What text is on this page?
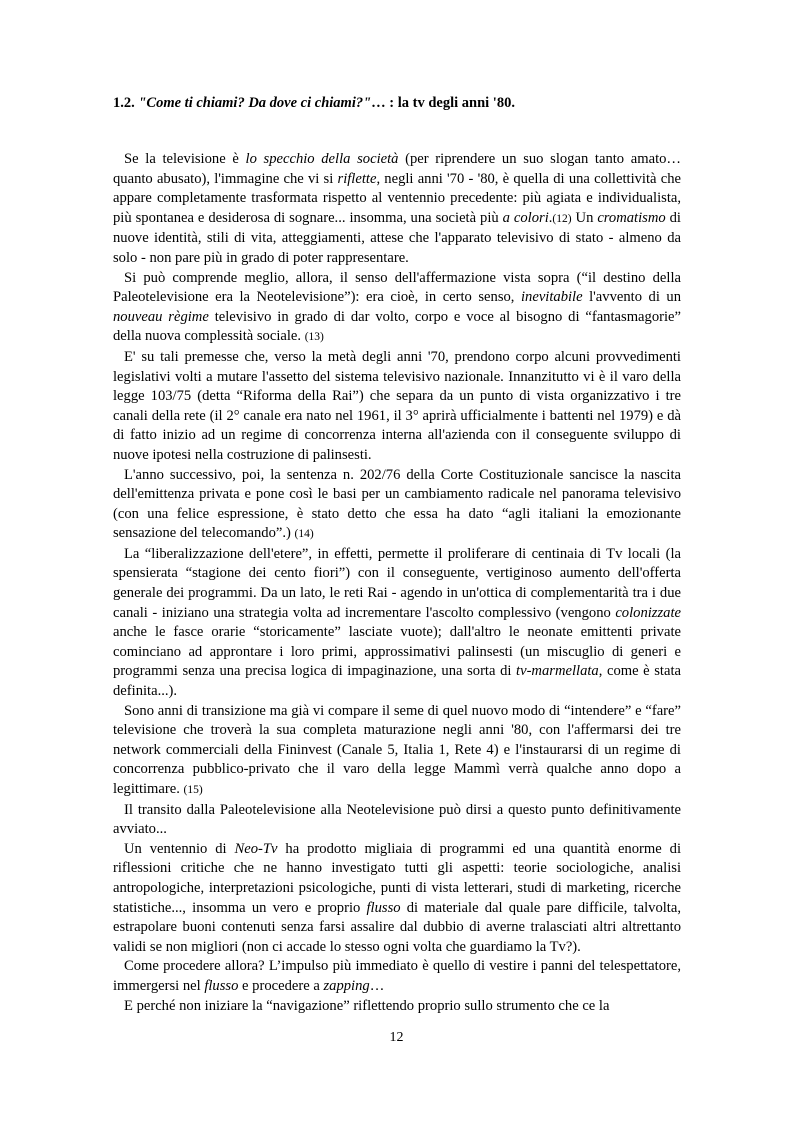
1.2. "Come ti chiami? Da dove ci chiami?"… : la tv degli anni '80.

Se la televisione è lo specchio della società (per riprendere un suo slogan tanto amato… quanto abusato), l'immagine che vi si riflette, negli anni '70 - '80, è quella di una collettività che appare completamente trasformata rispetto al ventennio precedente: più agiata e individualista, più spontanea e desiderosa di sognare... insomma, una società più a colori.(12) Un cromatismo di nuove identità, stili di vita, atteggiamenti, attese che l'apparato televisivo di stato - almeno da solo - non pare più in grado di poter rappresentare.

Si può comprende meglio, allora, il senso dell'affermazione vista sopra (“il destino della Paleotelevisione era la Neotelevisione”): era cioè, in certo senso, inevitabile l'avvento di un nouveau règime televisivo in grado di dar volto, corpo e voce al bisogno di “fantasmagorie” della nuova complessità sociale. (13)

E' su tali premesse che, verso la metà degli anni '70, prendono corpo alcuni provvedimenti legislativi volti a mutare l'assetto del sistema televisivo nazionale. Innanzitutto vi è il varo della legge 103/75 (detta “Riforma della Rai”) che separa da un punto di vista organizzativo i tre canali della rete (il 2° canale era nato nel 1961, il 3° aprirà ufficialmente i battenti nel 1979) e dà di fatto inizio ad un regime di concorrenza interna all'azienda con il conseguente sviluppo di nuove ipotesi nella costruzione di palinsesti.

L'anno successivo, poi, la sentenza n. 202/76 della Corte Costituzionale sancisce la nascita dell'emittenza privata e pone così le basi per un cambiamento radicale nel panorama televisivo (con una felice espressione, è stato detto che essa ha dato “agli italiani la emozionante sensazione del telecomando”.) (14)

La “liberalizzazione dell'etere”, in effetti, permette il proliferare di centinaia di Tv locali (la spensierata “stagione dei cento fiori”) con il conseguente, vertiginoso aumento dell'offerta generale dei programmi. Da un lato, le reti Rai - agendo in un'ottica di complementarità tra i due canali - iniziano una strategia volta ad incrementare l'ascolto complessivo (vengono colonizzate anche le fasce orarie “storicamente” lasciate vuote); dall'altro le neonate emittenti private cominciano ad approntare i loro primi, approssimativi palinsesti (un miscuglio di generi e programmi senza una precisa logica di impaginazione, una sorta di tv-marmellata, come è stata definita...).

Sono anni di transizione ma già vi compare il seme di quel nuovo modo di “intendere” e “fare” televisione che troverà la sua completa maturazione negli anni '80, con l'affermarsi dei tre network commerciali della Fininvest (Canale 5, Italia 1, Rete 4) e l'instaurarsi di un regime di concorrenza pubblico-privato che il varo della legge Mammì verrà qualche anno dopo a legittimare. (15)

Il transito dalla Paleotelevisione alla Neotelevisione può dirsi a questo punto definitivamente avviato...

Un ventennio di Neo-Tv ha prodotto migliaia di programmi ed una quantità enorme di riflessioni critiche che ne hanno investigato tutti gli aspetti: teorie sociologiche, analisi antropologiche, interpretazioni psicologiche, punti di vista letterari, studi di marketing, ricerche statistiche..., insomma un vero e proprio flusso di materiale dal quale pare difficile, talvolta, estrapolare buoni contenuti senza farsi assalire dal dubbio di averne tralasciati altri altrettanto validi se non migliori (non ci accade lo stesso ogni volta che guardiamo la Tv?).

Come procedere allora? L’impulso più immediato è quello di vestire i panni del telespettatore, immergersi nel flusso e procedere a zapping…

E perché non iniziare la “navigazione” riflettendo proprio sullo strumento che ce la

12
